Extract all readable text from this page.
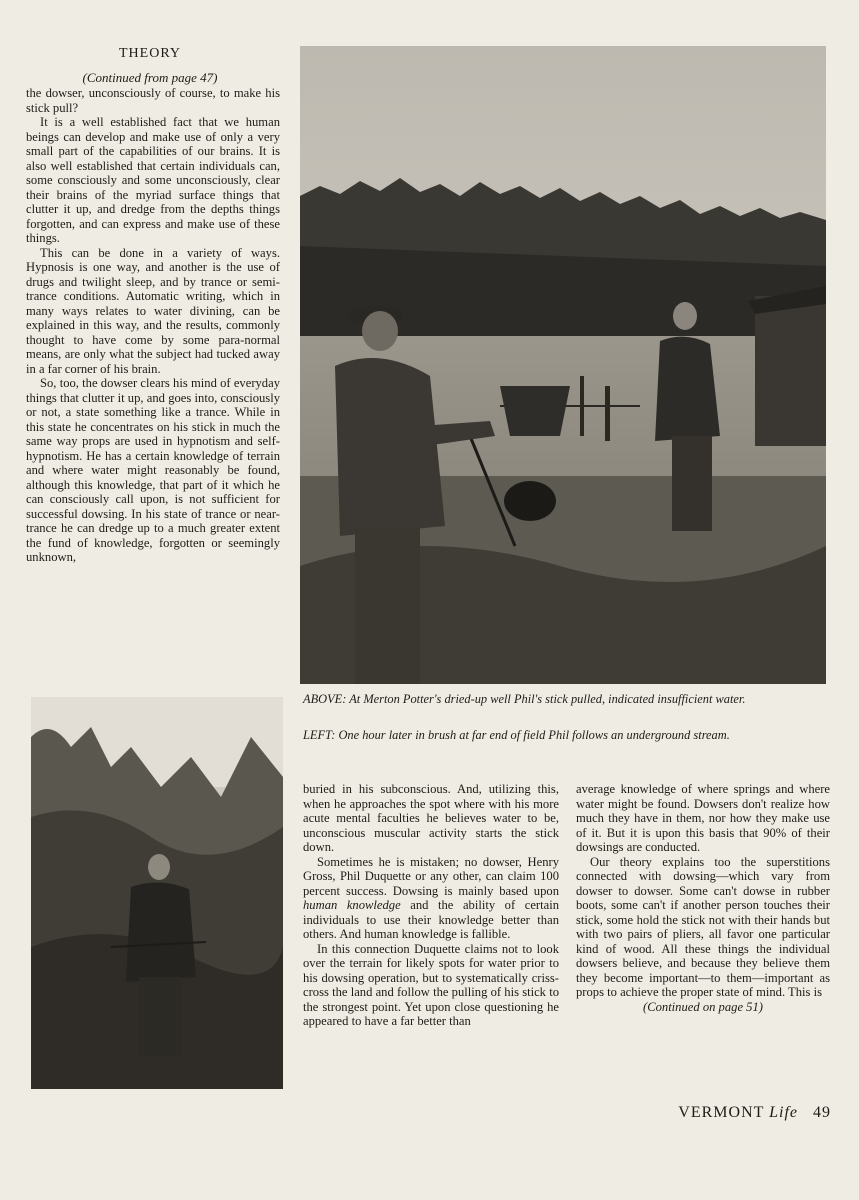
THEORY
(Continued from page 47)

the dowser, unconsciously of course, to make his stick pull?

It is a well established fact that we human beings can develop and make use of only a very small part of the capabilities of our brains. It is also well established that certain individuals can, some consciously and some unconsciously, clear their brains of the myriad surface things that clutter it up, and dredge from the depths things forgotten, and can express and make use of these things.

This can be done in a variety of ways. Hypnosis is one way, and another is the use of drugs and twilight sleep, and by trance or semi-trance conditions. Automatic writing, which in many ways relates to water divining, can be explained in this way, and the results, commonly thought to have come by some para-normal means, are only what the subject had tucked away in a far corner of his brain.

So, too, the dowser clears his mind of everyday things that clutter it up, and goes into, consciously or not, a state something like a trance. While in this state he concentrates on his stick in much the same way props are used in hypnotism and self-hypnotism. He has a certain knowledge of terrain and where water might reasonably be found, although this knowledge, that part of it which he can consciously call upon, is not sufficient for successful dowsing. In his state of trance or near-trance he can dredge up to a much greater extent the fund of knowledge, forgotten or seemingly unknown,

ABOVE: At Merton Potter's dried-up well Phil's stick pulled, indicated insufficient water.
LEFT: One hour later in brush at far end of field Phil follows an underground stream.

buried in his subconscious. And, utilizing this, when he approaches the spot where with his more acute mental faculties he believes water to be, unconscious muscular activity starts the stick down.

Sometimes he is mistaken; no dowser, Henry Gross, Phil Duquette or any other, can claim 100 percent success. Dowsing is mainly based upon human knowledge and the ability of certain individuals to use their knowledge better than others. And human knowledge is fallible.

In this connection Duquette claims not to look over the terrain for likely spots for water prior to his dowsing operation, but to systematically criss-cross the land and follow the pulling of his stick to the strongest point. Yet upon close questioning he appeared to have a far better than

average knowledge of where springs and where water might be found. Dowsers don't realize how much they have in them, nor how they make use of it. But it is upon this basis that 90% of their dowsings are conducted.

Our theory explains too the superstitions connected with dowsing—which vary from dowser to dowser. Some can't dowse in rubber boots, some can't if another person touches their stick, some hold the stick not with their hands but with two pairs of pliers, all favor one particular kind of wood. All these things the individual dowsers believe, and because they believe them they become important—to them—important as props to achieve the proper state of mind. This is

(Continued on page 51)
VERMONT Life 49
